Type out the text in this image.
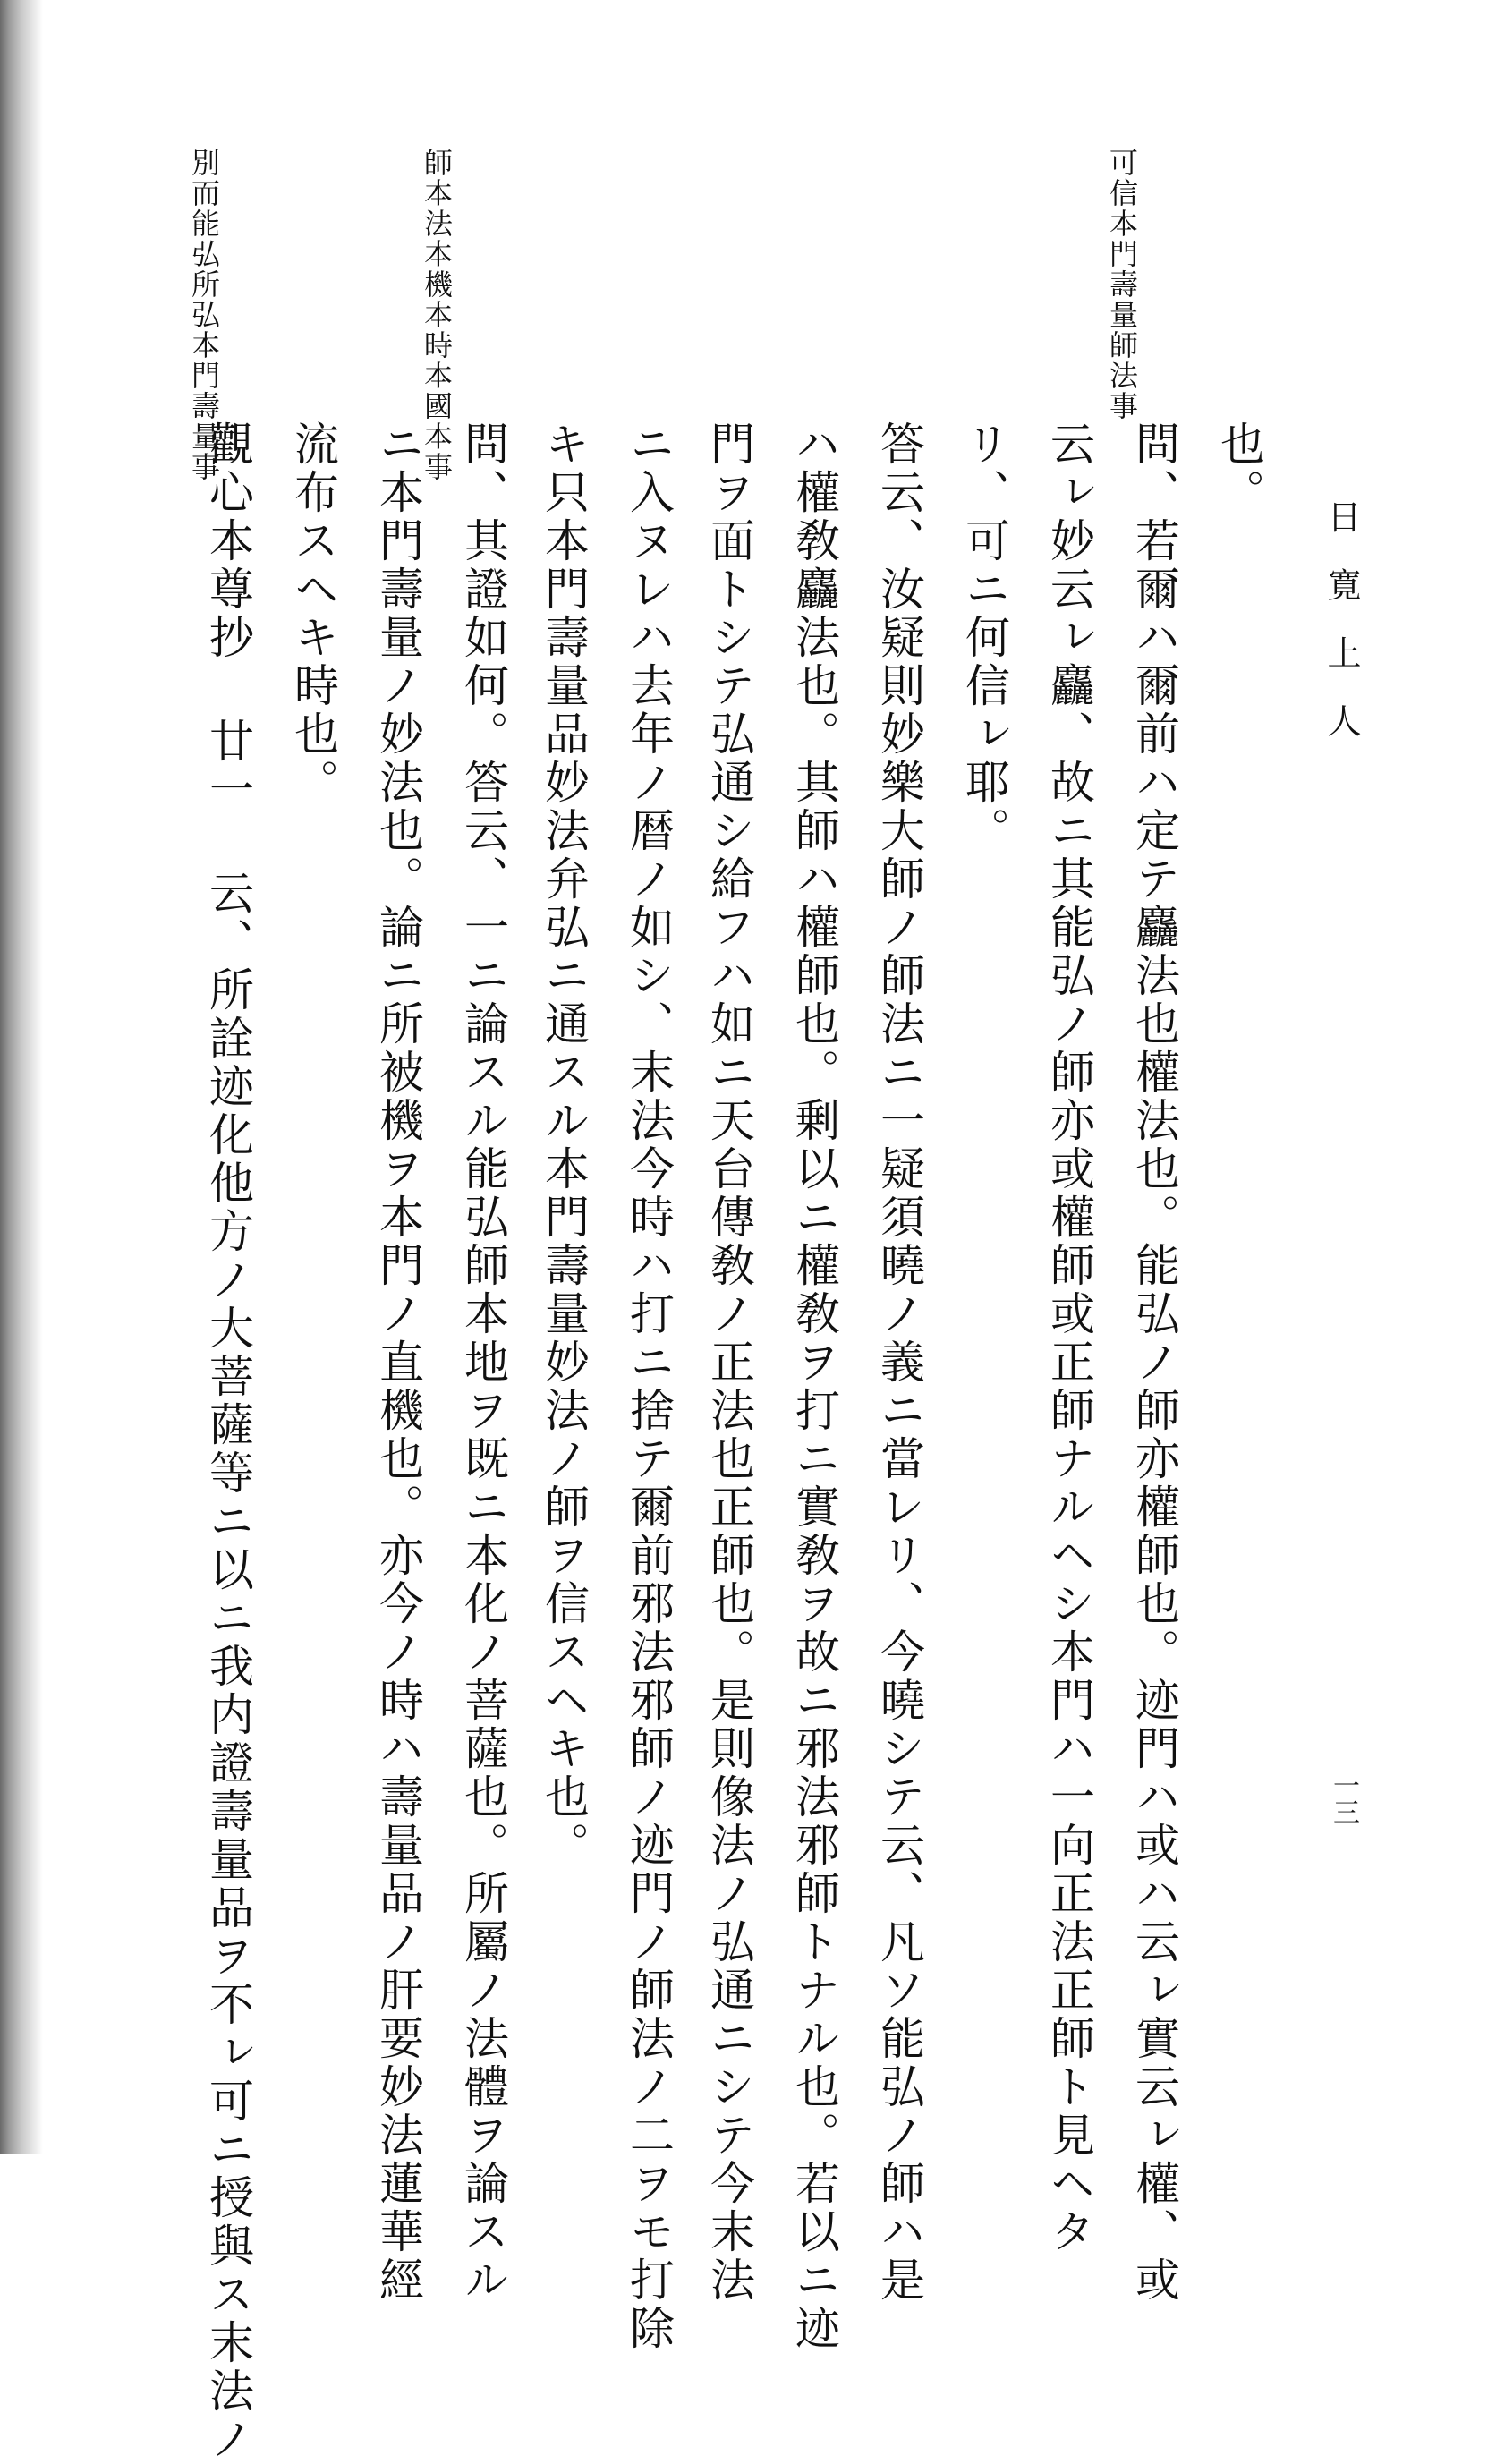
日寛上人
一三
可信本門壽量師法事
師本法本機本時本國本事
別而能弘所弘本門壽量事	也。
問、若爾ハ爾前ハ定テ麤法也權法也。能弘ノ師亦權師也。迹門ハ或ハ云ㇾ實云ㇾ權、或
云ㇾ妙云ㇾ麤、故ニ其能弘ノ師亦或權師或正師ナルヘシ本門ハ一向正法正師ト見ヘタ
リ、可ニ何信ㇾ耶。
答云、汝疑則妙樂大師ノ師法ニ一疑須曉ノ義ニ當レリ、今曉シテ云、凡ソ能弘ノ師ハ是
ハ權敎麤法也。其師ハ權師也。剰以ニ權敎ヲ打ニ實敎ヲ故ニ邪法邪師トナル也。若以ニ迹
門ヲ面トシテ弘通シ給フハ如ニ天台傳敎ノ正法也正師也。是則像法ノ弘通ニシテ今末法
ニ入ヌレハ去年ノ暦ノ如シ、末法今時ハ打ニ捨テ爾前邪法邪師ノ迹門ノ師法ノ二ヲモ打除
キ只本門壽量品妙法弁弘ニ通スル本門壽量妙法ノ師ヲ信スヘキ也。
問、其證如何。答云、一ニ論スル能弘師本地ヲ既ニ本化ノ菩薩也。所屬ノ法體ヲ論スル
ニ本門壽量ノ妙法也。論ニ所被機ヲ本門ノ直機也。亦今ノ時ハ壽量品ノ肝要妙法蓮華經
流布スヘキ時也。
觀心本尊抄 廿一 云、所詮迹化他方ノ大菩薩等ニ以ニ我内證壽量品ヲ不ㇾ可ニ授與ス末法ノ
